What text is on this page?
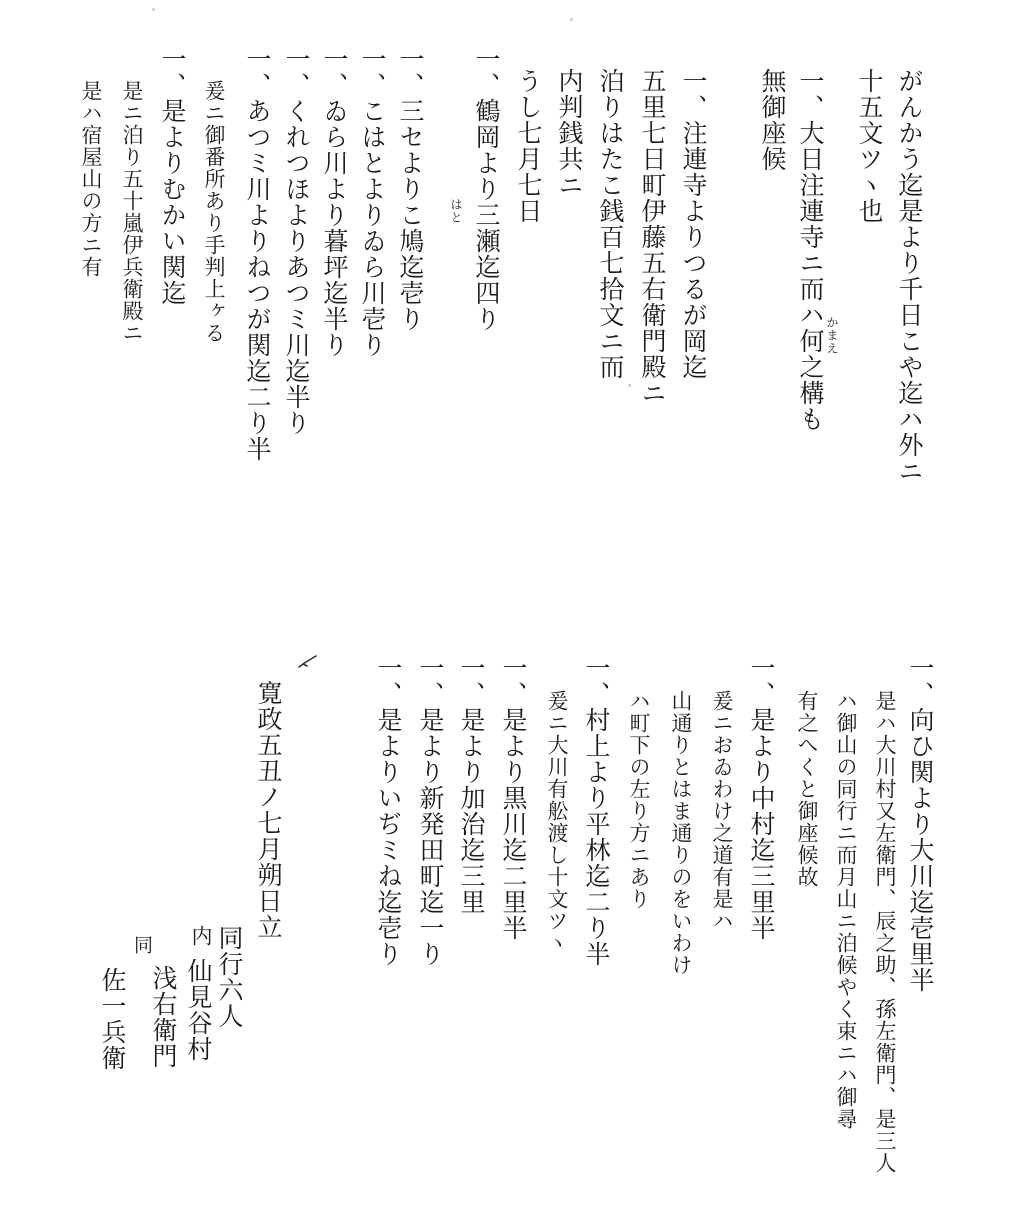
がんかう迄是より千日こや迄ハ外ニ
十五文ツヽ也
一、大日注連寺ニ而ハ何之構も かまえ
無御座候
一、注連寺よりつるが岡迄
五里七日町伊藤五右衛門殿ニ
泊りはたこ銭百七拾文ニ而
内判銭共ニ
うし七月七日
一、鶴岡より三瀬迄四り
はと
一、三セよりこ鳩迄壱り
一、こはとよりゐら川壱り
一、ゐら川より暮坪迄半り
一、くれつほよりあつミ川迄半り
一、あつミ川よりねつが関迄二り半
爰ニ御番所あり手判上ヶる
一、是よりむかい関迄
是ニ泊り五十嵐伊兵衛殿ニ
是ハ宿屋山の方ニ有
一、向ひ関より大川迄壱里半
是ハ大川村又左衛門、辰之助、孫左衛門、是三人
ハ御山の同行ニ而月山ニ泊候やく束ニハ御尋
有之へくと御座候故
一、是より中村迄三里半
爰ニおゐわけ之道有是ハ
山通りとはま通りのをいわけ
ハ町下の左り方ニあり
一、村上より平林迄二り半
爰ニ大川有舩渡し十文ツヽ
一、是より黒川迄二里半
一、是より加治迄三里
一、是より新発田町迄一り
一、是よりいぢミね迄壱り
寛政五丑ノ七月朔日立
同行六人
内
仙見谷村
浅右衛門
同
佐一兵衛
